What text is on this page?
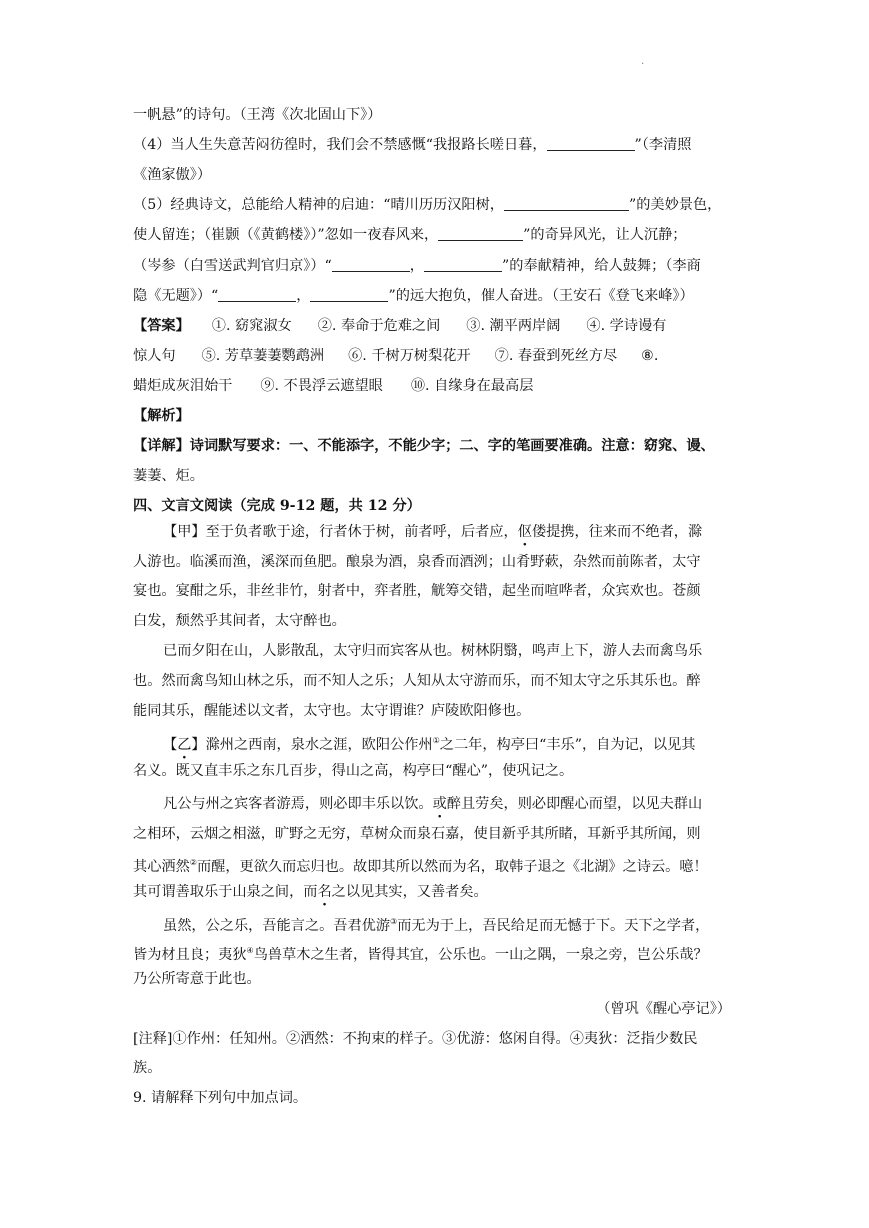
.
一帆悬”的诗句。（王湾《次北固山下》）
（4）当人生失意苦闷彷徨时，我们会不禁感慨“我报路长嗟日暮，	”（李清照
《渔家傲》）
（5）经典诗文，总能给人精神的启迪：“晴川历历汉阳树，	”的美妙景色，
使人留连；（崔颢（《黄鹤楼》）”忽如一夜春风来，	”的奇异风光，让人沉静；
（岑参（白雪送武判官归京》）“	，	”的奉献精神，给人鼓舞；（李商
隐《无题》）“	，	”的远大抱负，催人奋进。（王安石《登飞来峰》）
【答案】 ①. 窈窕淑女 ②. 奉命于危难之间 ③. 潮平两岸阔 ④. 学诗谩有
惊人句 ⑤. 芳草萋萋鹦鹉洲 ⑥. 千树万树梨花开 ⑦. 春蚕到死丝方尽 ⑧.
蜡炬成灰泪始干 ⑨. 不畏浮云遮望眼 ⑩. 自缘身在最高层
【解析】
【详解】诗词默写要求：一、不能添字，不能少字；二、字的笔画要准确。注意：窈窕、谩、
萋萋、炬。
四、文言文阅读（完成 9-12 题，共 12 分）
【甲】至于负者歌于途，行者休于树，前者呼，后者应，伛偻提携，往来而不绝者，滁
人游也。临溪而渔，溪深而鱼肥。酿泉为酒，泉香而酒洌；山肴野蔌，杂然而前陈者，太守
宴也。宴酣之乐，非丝非竹，射者中，弈者胜，觥筹交错，起坐而喧哗者，众宾欢也。苍颜
白发，颓然乎其间者，太守醉也。
已而夕阳在山，人影散乱，太守归而宾客从也。树林阴翳，鸣声上下，游人去而禽鸟乐
也。然而禽鸟知山林之乐，而不知人之乐；人知从太守游而乐，而不知太守之乐其乐也。醉
能同其乐，醒能述以文者，太守也。太守谓谁？庐陵欧阳修也。
【乙】滁州之西南，泉水之涯，欧阳公作州①之二年，构亭曰“丰乐”，自为记，以见其
名义。既又直丰乐之东几百步，得山之高，构亭曰“醒心”，使巩记之。
凡公与州之宾客者游焉，则必即丰乐以饮。或醉且劳矣，则必即醒心而望，以见夫群山
之相环，云烟之相滋，旷野之无穷，草树众而泉石嘉，使目新乎其所睹，耳新乎其所闻，则
其心洒然②而醒，更欲久而忘归也。故即其所以然而为名，取韩子退之《北湖》之诗云。噫！
其可谓善取乐于山泉之间，而名之以见其实，又善者矣。
虽然，公之乐，吾能言之。吾君优游③而无为于上，吾民给足而无憾于下。天下之学者，
皆为材且良；夷狄④鸟兽草木之生者，皆得其宜，公乐也。一山之隅，一泉之旁，岂公乐哉？
乃公所寄意于此也。
（曾巩《醒心亭记》）
[注释]①作州：任知州。②洒然：不拘束的样子。③优游：悠闲自得。④夷狄：泛指少数民
族。
9. 请解释下列句中加点词。
